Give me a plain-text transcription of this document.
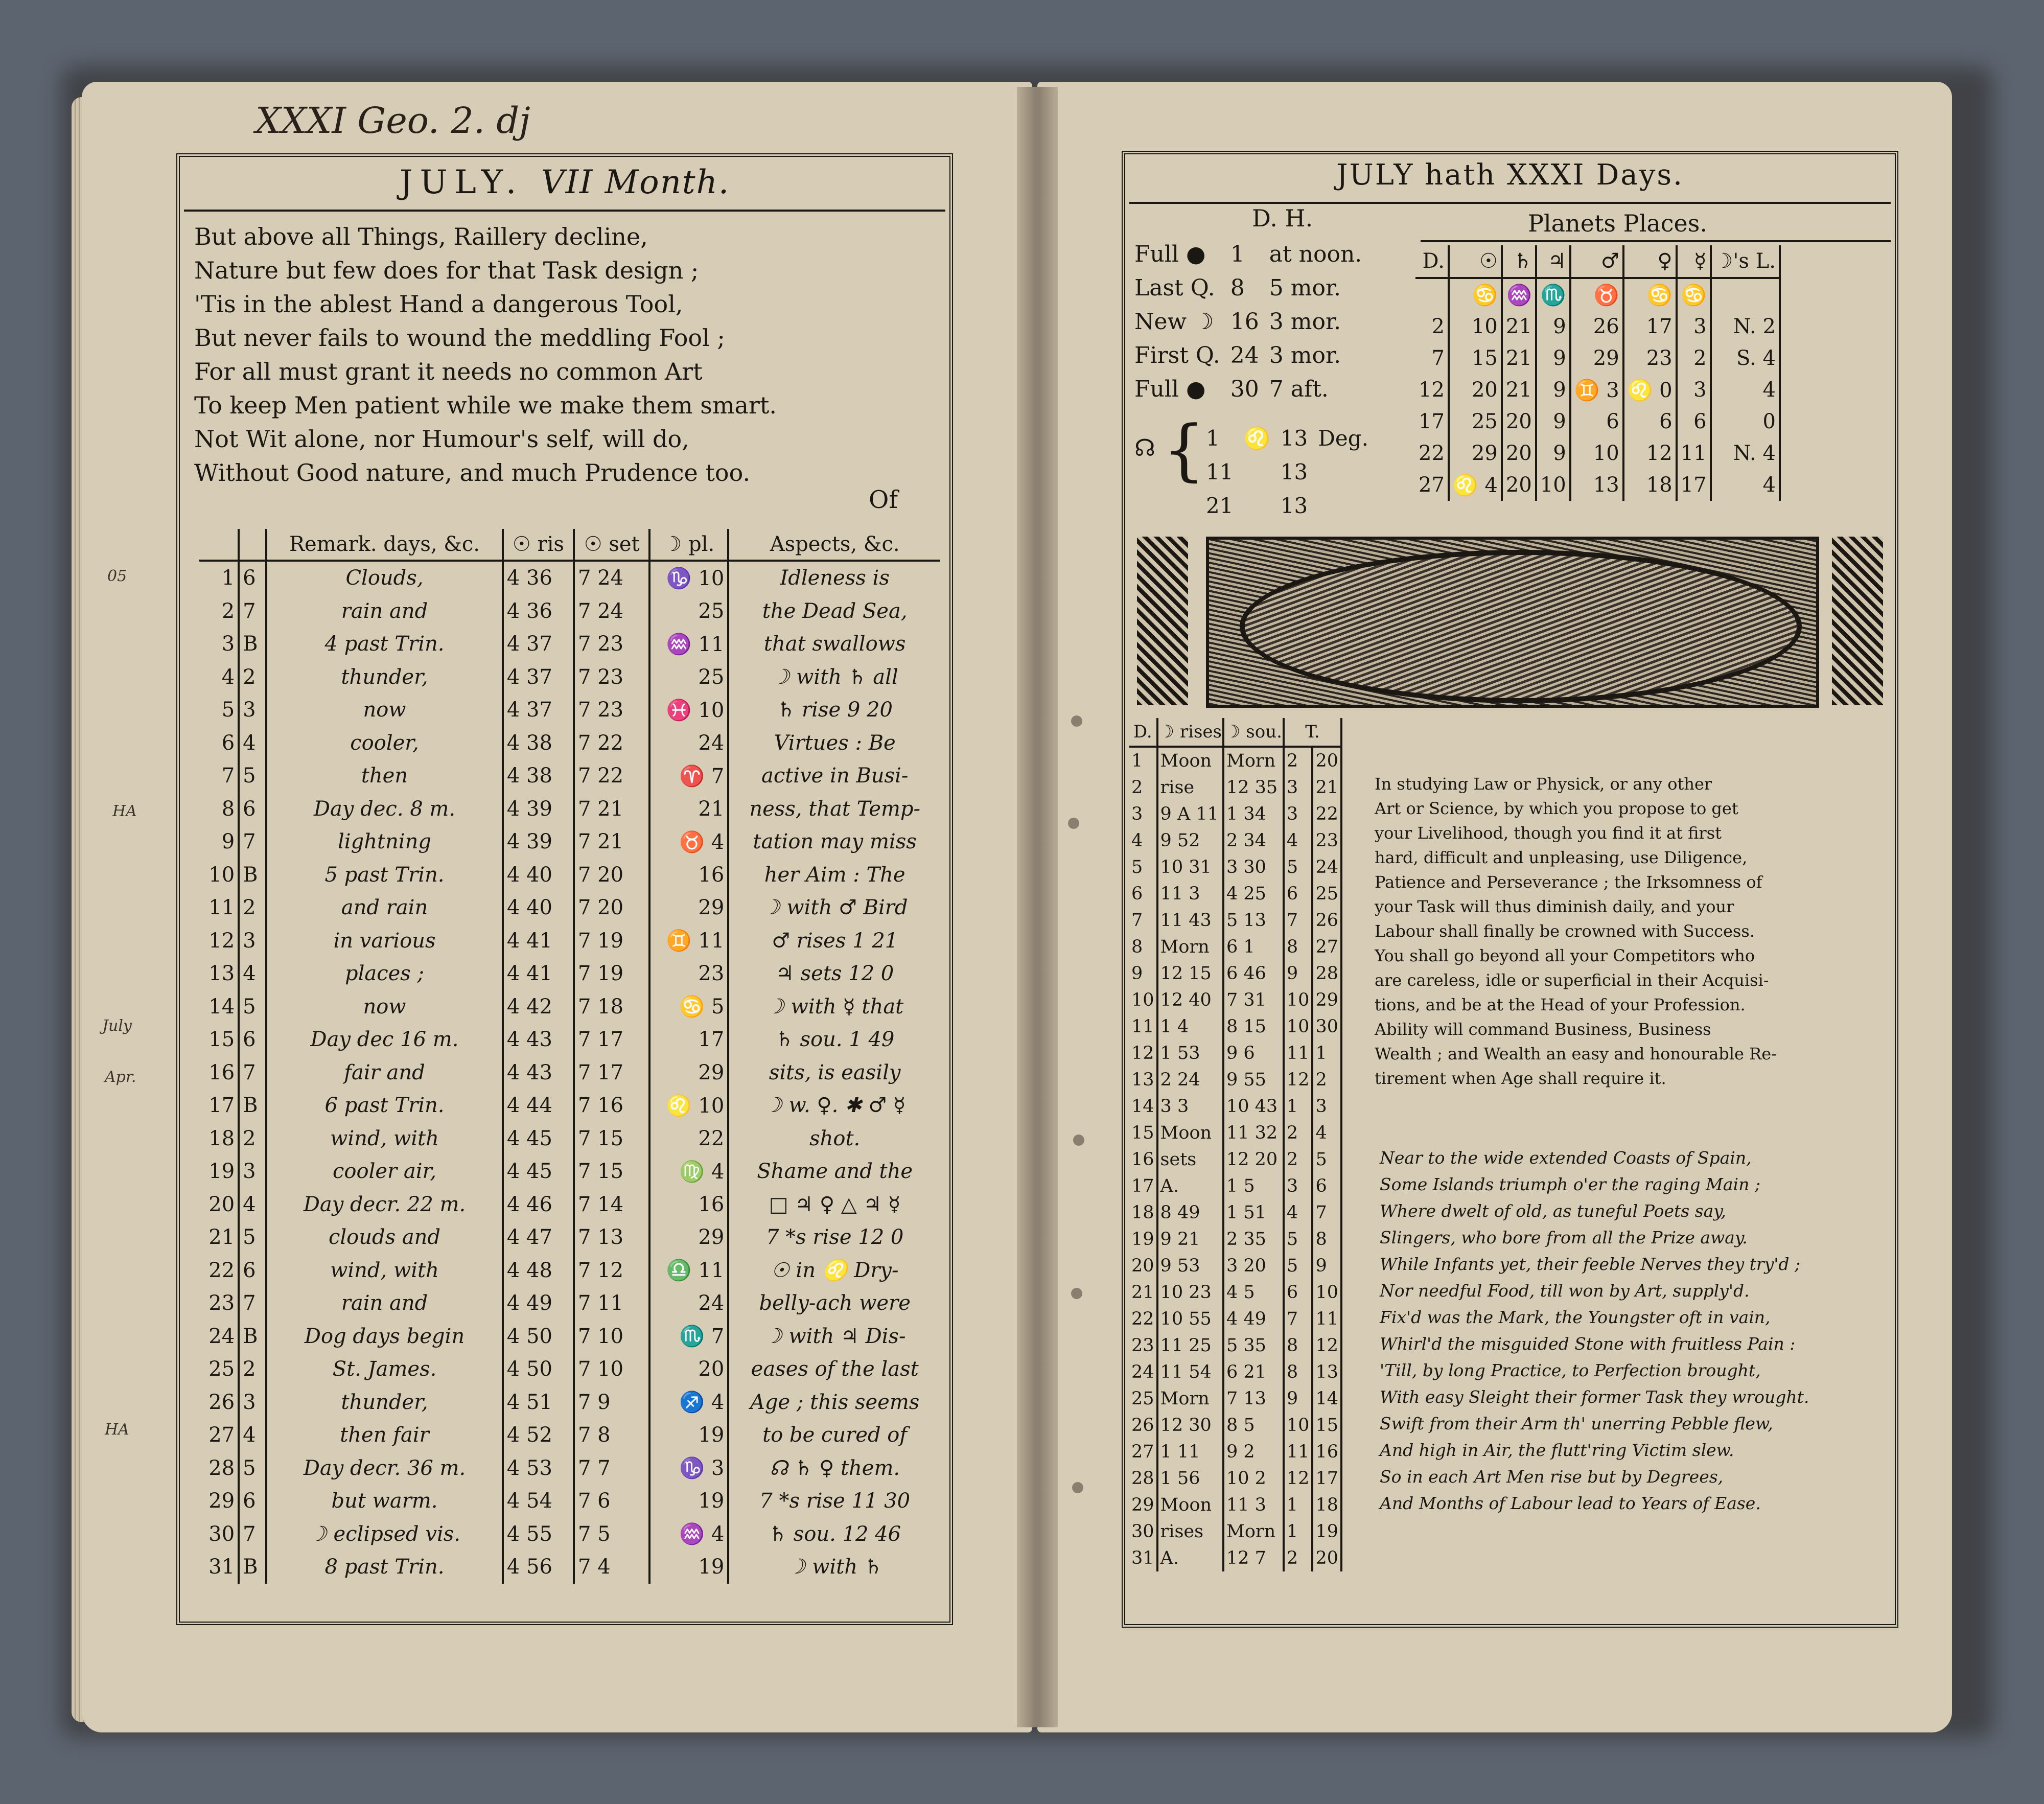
XXXI Geo. 2. dj
JULY. VII Month.
But above all Things, Raillery decline,
Nature but few does for that Task design ;
'Tis in the ablest Hand a dangerous Tool,
But never fails to wound the meddling Fool ;
For all must grant it needs no common Art
To keep Men patient while we make them smart.
Not Wit alone, nor Humour's self, will do,
Without Good nature, and much Prudence too.
Of
		Remark. days, &c.	☉ ris	☉ set	☽ pl.	Aspects, &c.
1	6	Clouds,	4 36	7 24	♑ 10	Idleness is
2	7	rain and	4 36	7 24	25	the Dead Sea,
3	B	4 past Trin.	4 37	7 23	♒ 11	that swallows
4	2	thunder,	4 37	7 23	25	☽ with ♄ all
5	3	now	4 37	7 23	♓ 10	♄ rise 9 20
6	4	cooler,	4 38	7 22	24	Virtues : Be
7	5	then	4 38	7 22	♈ 7	active in Busi-
8	6	Day dec. 8 m.	4 39	7 21	21	ness, that Temp-
9	7	lightning	4 39	7 21	♉ 4	tation may miss
10	B	5 past Trin.	4 40	7 20	16	her Aim : The
11	2	and rain	4 40	7 20	29	☽ with ♂ Bird
12	3	in various	4 41	7 19	♊ 11	♂ rises 1 21
13	4	places ;	4 41	7 19	23	♃ sets 12 0
14	5	now	4 42	7 18	♋ 5	☽ with ☿ that
15	6	Day dec 16 m.	4 43	7 17	17	♄ sou. 1 49
16	7	fair and	4 43	7 17	29	sits, is easily
17	B	6 past Trin.	4 44	7 16	♌ 10	☽ w. ♀. ✱ ♂ ☿
18	2	wind, with	4 45	7 15	22	shot.
19	3	cooler air,	4 45	7 15	♍ 4	Shame and the
20	4	Day decr. 22 m.	4 46	7 14	16	□ ♃ ♀ △ ♃ ☿
21	5	clouds and	4 47	7 13	29	7 *s rise 12 0
22	6	wind, with	4 48	7 12	♎ 11	☉ in ♌ Dry-
23	7	rain and	4 49	7 11	24	belly-ach were
24	B	Dog days begin	4 50	7 10	♏ 7	☽ with ♃ Dis-
25	2	St. James.	4 50	7 10	20	eases of the last
26	3	thunder,	4 51	7 9	♐ 4	Age ; this seems
27	4	then fair	4 52	7 8	19	to be cured of
28	5	Day decr. 36 m.	4 53	7 7	♑ 3	☊ ♄ ♀ them.
29	6	but warm.	4 54	7 6	19	7 *s rise 11 30
30	7	☽ eclipsed vis.	4 55	7 5	♒ 4	♄ sou. 12 46
31	B	8 past Trin.	4 56	7 4	19	☽ with ♄
05
HA
Apr.
July
HA
JULY hath XXXI Days.
D. H.
Full ●	1	at noon.
Last Q.	8	5 mor.
New ☽	16	3 mor.
First Q.	24	3 mor.
Full ●	30	7 aft.
☊ { 1	♌	13	Deg.
11		13	
21		13	
Planets Places.
D.	☉	♄	♃	♂	♀	☿	☽'s L.
	♋	♒	♏	♉	♋	♋	
2	10	21	9	26	17	3	N. 2
7	15	21	9	29	23	2	S. 4
12	20	21	9	♊ 3	♌ 0	3	4
17	25	20	9	6	6	6	0
22	29	20	9	10	12	11	N. 4
27	♌ 4	20	10	13	18	17	4
D.	☽ rises	☽ sou.	T.	
1	Moon	Morn	2	20
2	rise	12 35	3	21
3	9 A 11	1 34	3	22
4	9 52	2 34	4	23
5	10 31	3 30	5	24
6	11 3	4 25	6	25
7	11 43	5 13	7	26
8	Morn	6 1	8	27
9	12 15	6 46	9	28
10	12 40	7 31	10	29
11	1 4	8 15	10	30
12	1 53	9 6	11	1
13	2 24	9 55	12	2
14	3 3	10 43	1	3
15	Moon	11 32	2	4
16	sets	12 20	2	5
17	A.	1 5	3	6
18	8 49	1 51	4	7
19	9 21	2 35	5	8
20	9 53	3 20	5	9
21	10 23	4 5	6	10
22	10 55	4 49	7	11
23	11 25	5 35	8	12
24	11 54	6 21	8	13
25	Morn	7 13	9	14
26	12 30	8 5	10	15
27	1 11	9 2	11	16
28	1 56	10 2	12	17
29	Moon	11 3	1	18
30	rises	Morn	1	19
31	A.	12 7	2	20
In studying Law or Physick, or any other
Art or Science, by which you propose to get
your Livelihood, though you find it at first
hard, difficult and unpleasing, use Diligence,
Patience and Perseverance ; the Irksomness of
your Task will thus diminish daily, and your
Labour shall finally be crowned with Success.
You shall go beyond all your Competitors who
are careless, idle or superficial in their Acquisi-
tions, and be at the Head of your Profession.
Ability will command Business, Business
Wealth ; and Wealth an easy and honourable Re-
tirement when Age shall require it.
Near to the wide extended Coasts of Spain,
Some Islands triumph o'er the raging Main ;
Where dwelt of old, as tuneful Poets say,
Slingers, who bore from all the Prize away.
While Infants yet, their feeble Nerves they try'd ;
Nor needful Food, till won by Art, supply'd.
Fix'd was the Mark, the Youngster oft in vain,
Whirl'd the misguided Stone with fruitless Pain :
'Till, by long Practice, to Perfection brought,
With easy Sleight their former Task they wrought.
Swift from their Arm th' unerring Pebble flew,
And high in Air, the flutt'ring Victim slew.
So in each Art Men rise but by Degrees,
And Months of Labour lead to Years of Ease.
